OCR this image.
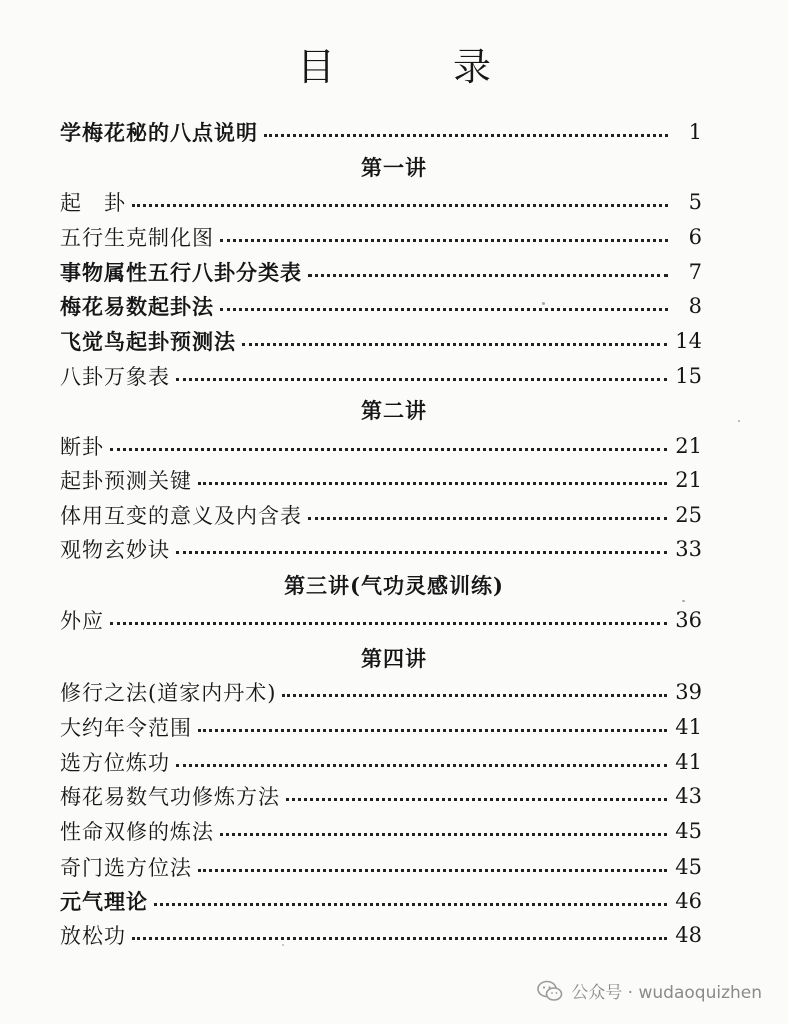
目　录
学梅花秘的八点说明	1
第一讲
起　卦	5
五行生克制化图	6
事物属性五行八卦分类表	7
梅花易数起卦法	8
飞觉鸟起卦预测法	14
八卦万象表	15
第二讲
断卦	21
起卦预测关键	21
体用互变的意义及内含表	25
观物玄妙诀	33
第三讲(气功灵感训练)
外应	36
第四讲
修行之法(道家内丹术)	39
大约年令范围	41
选方位炼功	41
梅花易数气功修炼方法	43
性命双修的炼法	45
奇门选方位法	45
元气理论	46
放松功	48
公众号 · wudaoquizhen
